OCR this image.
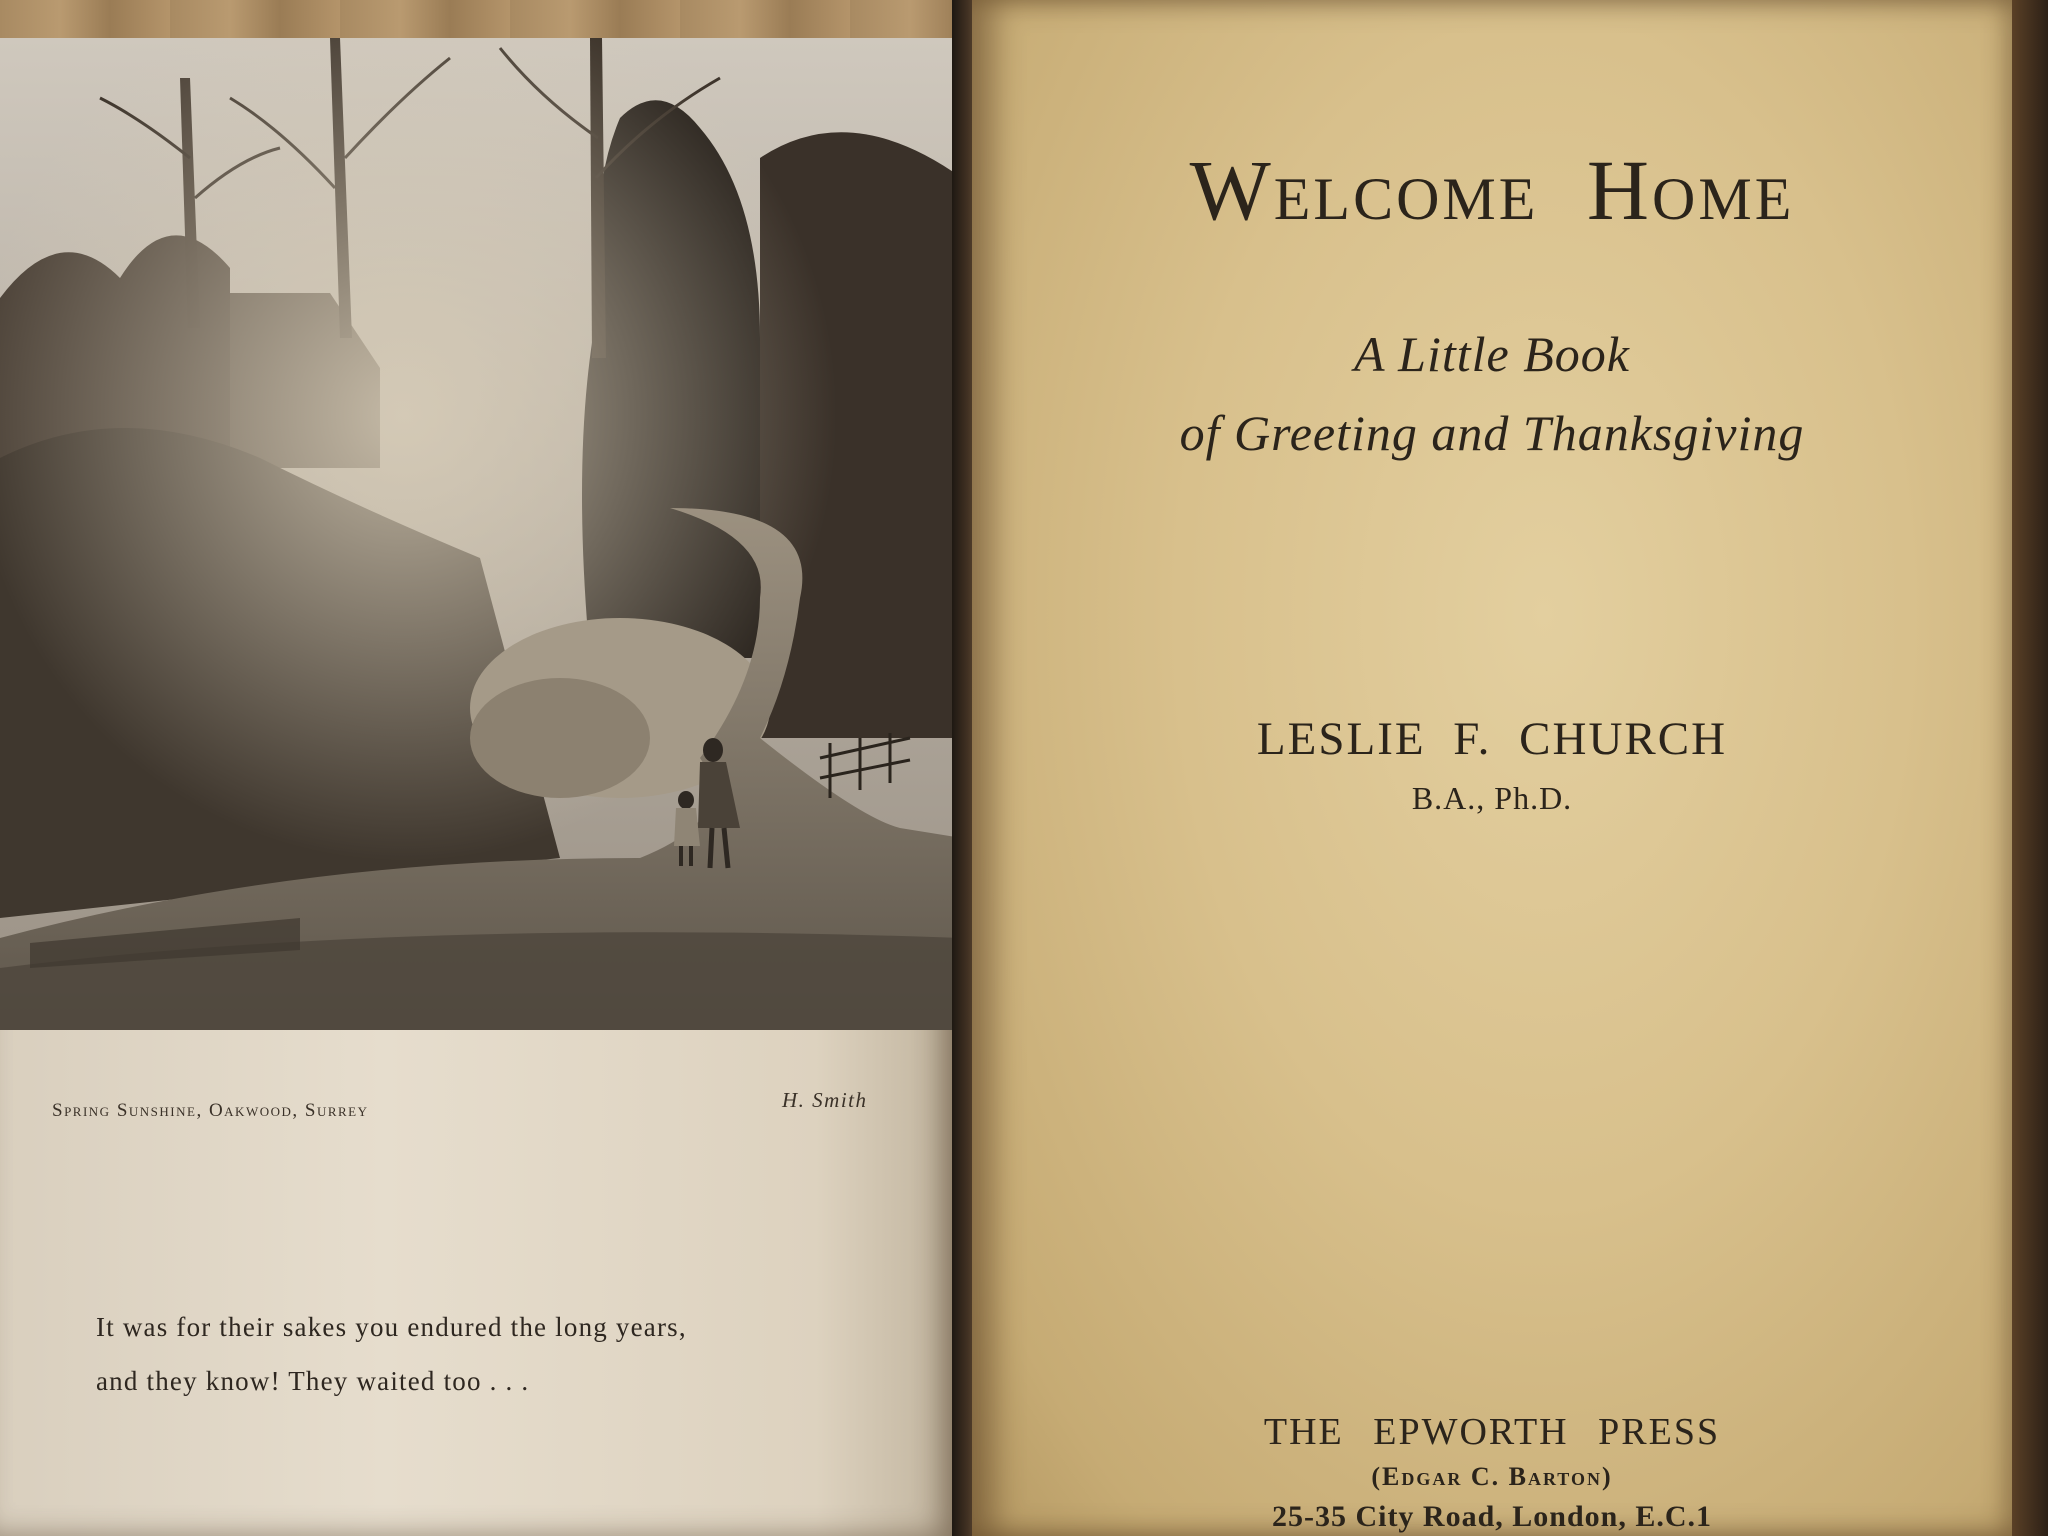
Spring Sunshine, Oakwood, Surrey	H. Smith
It was for their sakes you endured the long years,
and they know! They waited too . . .
Welcome Home
A Little Book
of Greeting and Thanksgiving
LESLIE F. CHURCH
B.A., Ph.D.
THE EPWORTH PRESS
(Edgar C. Barton)
25-35 City Road, London, E.C.1
